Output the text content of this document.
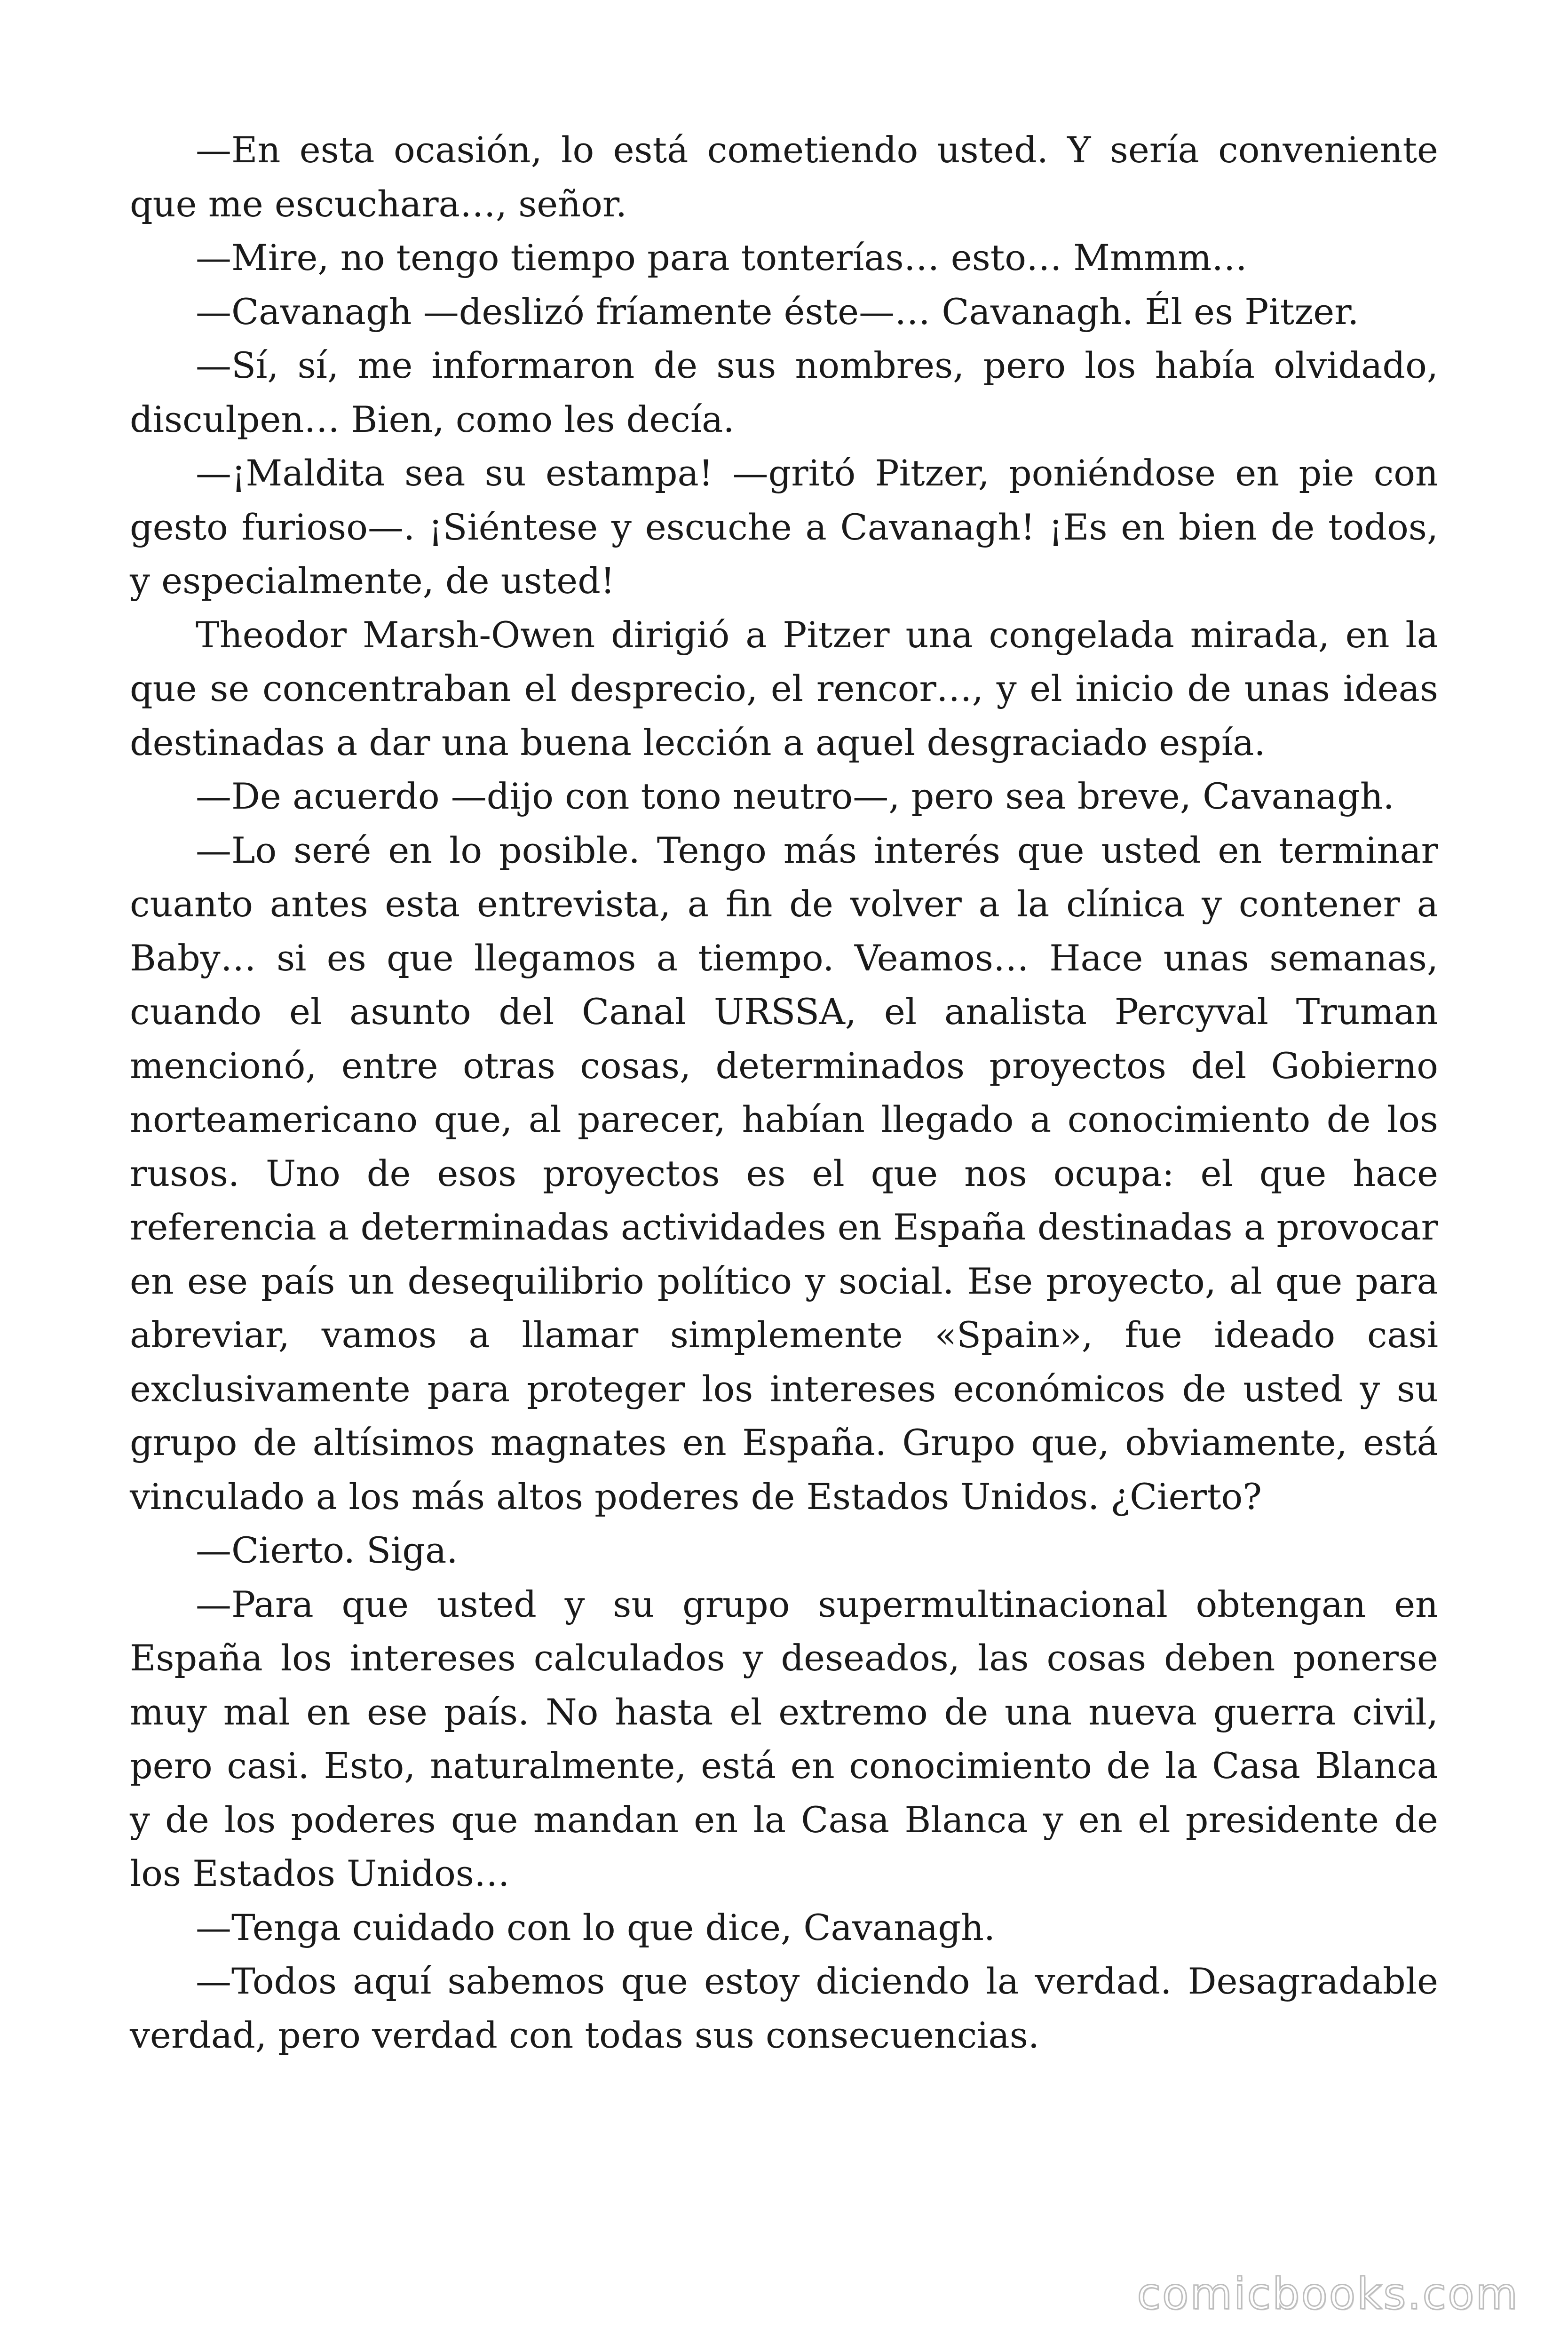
—En esta ocasión, lo está cometiendo usted. Y sería conveniente que me escuchara…, señor.

—Mire, no tengo tiempo para tonterías… esto… Mmmm…

—Cavanagh —deslizó fríamente éste—… Cavanagh. Él es Pitzer.

—Sí, sí, me informaron de sus nombres, pero los había olvidado, disculpen… Bien, como les decía.

—¡Maldita sea su estampa! —gritó Pitzer, poniéndose en pie con gesto furioso—. ¡Siéntese y escuche a Cavanagh! ¡Es en bien de todos, y especialmente, de usted!

Theodor Marsh-Owen dirigió a Pitzer una congelada mirada, en la que se concentraban el desprecio, el rencor…, y el inicio de unas ideas destinadas a dar una buena lección a aquel desgraciado espía.

—De acuerdo —dijo con tono neutro—, pero sea breve, Cavanagh.

—Lo seré en lo posible. Tengo más interés que usted en terminar cuanto antes esta entrevista, a fin de volver a la clínica y contener a Baby… si es que llegamos a tiempo. Veamos… Hace unas semanas, cuando el asunto del Canal URSSA, el analista Percyval Truman mencionó, entre otras cosas, determinados proyectos del Gobierno norteamericano que, al parecer, habían llegado a conocimiento de los rusos. Uno de esos proyectos es el que nos ocupa: el que hace referencia a determinadas actividades en España destinadas a provocar en ese país un desequilibrio político y social. Ese proyecto, al que para abreviar, vamos a llamar simplemente «Spain», fue ideado casi exclusivamente para proteger los intereses económicos de usted y su grupo de altísimos magnates en España. Grupo que, obviamente, está vinculado a los más altos poderes de Estados Unidos. ¿Cierto?

—Cierto. Siga.

—Para que usted y su grupo supermultinacional obtengan en España los intereses calculados y deseados, las cosas deben ponerse muy mal en ese país. No hasta el extremo de una nueva guerra civil, pero casi. Esto, naturalmente, está en conocimiento de la Casa Blanca y de los poderes que mandan en la Casa Blanca y en el presidente de los Estados Unidos…

—Tenga cuidado con lo que dice, Cavanagh.

—Todos aquí sabemos que estoy diciendo la verdad. Desagradable verdad, pero verdad con todas sus consecuencias.

comicbooks.com
